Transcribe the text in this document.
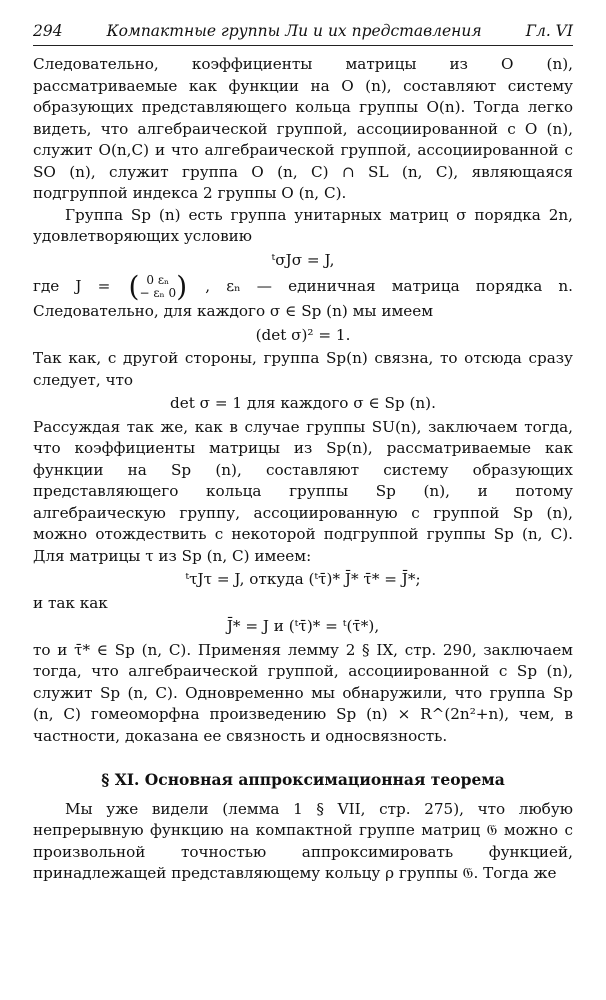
294	Компактные группы Ли и их представления	Гл. VI

Следовательно, коэффициенты матрицы из O (n), рассматриваемые как функции на O (n), составляют систему образующих представляющего кольца группы O(n). Тогда легко видеть, что алгебраической группой, ассоциированной с O (n), служит O(n,C) и что алгебраической группой, ассоциированной с SO (n), служит группа O (n, C) ∩ SL (n, C), являющаяся подгруппой индекса 2 группы O (n, C).

Группа Sp (n) есть группа унитарных матриц σ порядка 2n, удовлетворяющих условию

ᵗσJσ = J,

где J = ( 0 εₙ
− εₙ 0) , εₙ — единичная матрица порядка n. Следовательно, для каждого σ ∈ Sp (n) мы имеем

(det σ)² = 1.

Так как, с другой стороны, группа Sp(n) связна, то отсюда сразу следует, что

det σ = 1 для каждого σ ∈ Sp (n).

Рассуждая так же, как в случае группы SU(n), заключаем тогда, что коэффициенты матрицы из Sp(n), рассматриваемые как функции на Sp (n), составляют систему образующих представляющего кольца группы Sp (n), и потому алгебраическую группу, ассоциированную с группой Sp (n), можно отождествить с некоторой подгруппой группы Sp (n, C). Для матрицы τ из Sp (n, C) имеем:

ᵗτJτ = J, откуда (ᵗτ̄)* J̄* τ̄* = J̄*;

и так как

J̄* = J и (ᵗτ̄)* = ᵗ(τ̄*),

то и τ̄* ∈ Sp (n, C). Применяя лемму 2 § IX, стр. 290, заключаем тогда, что алгебраической группой, ассоциированной с Sp (n), служит Sp (n, C). Одновременно мы обнаружили, что группа Sp (n, C) гомеоморфна произведению Sp (n) × R^(2n²+n), чем, в частности, доказана ее связность и односвязность.

§ XI. Основная аппроксимационная теорема

Мы уже видели (лемма 1 § VII, стр. 275), что любую непрерывную функцию на компактной группе матриц 𝔊 можно с произвольной точностью аппроксимировать функцией, принадлежащей представляющему кольцу ρ группы 𝔊. Тогда же
